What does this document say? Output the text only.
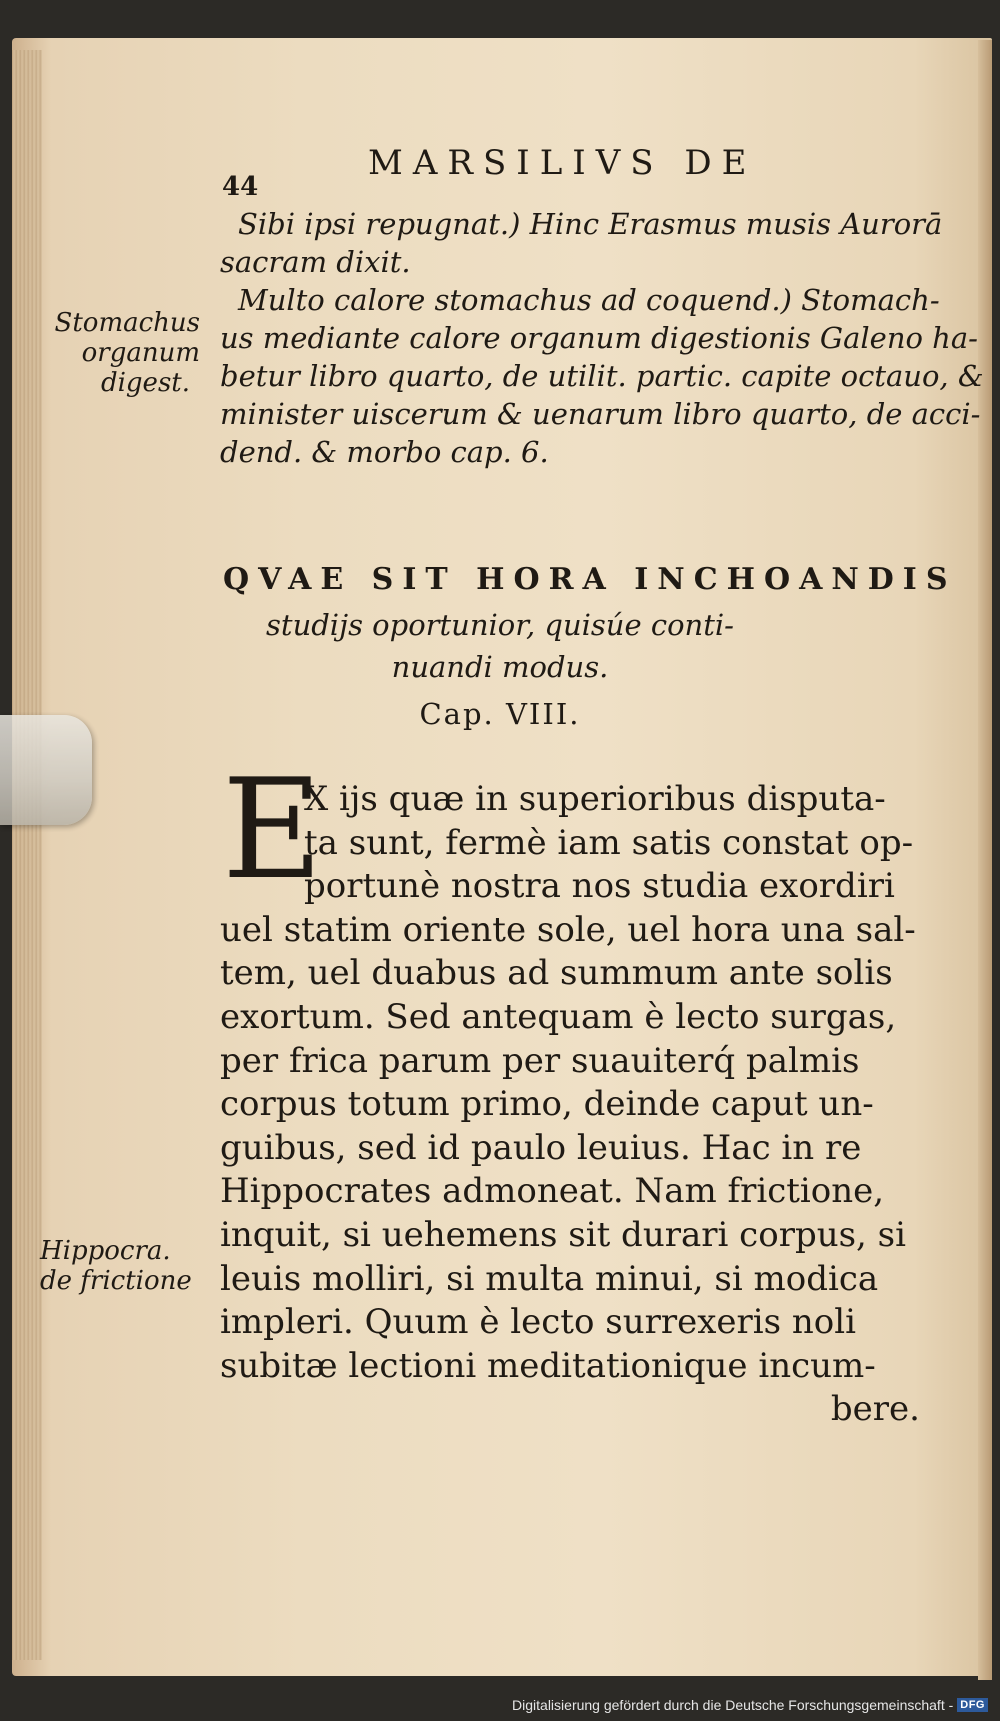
44
MARSILIVS DE
Sibi ipsi repugnat.) Hinc Erasmus musis Aurorā
sacram dixit.
Multo calore stomachus ad coquend.) Stomach-
us mediante calore organum digestionis Galeno ha-
betur libro quarto, de utilit. partic. capite octauo, &
minister uiscerum & uenarum libro quarto, de acci-
dend. & morbo cap. 6.
Stomachus
organum
digest.
QVAE SIT HORA INCHOANDIS
studijs oportunior, quisúe conti-
nuandi modus.
Cap. VIII.
E
X ijs quæ in superioribus disputa-
ta sunt, fermè iam satis constat op-
portunè nostra nos studia exordiri
uel statim oriente sole, uel hora una sal-
tem, uel duabus ad summum ante solis
exortum. Sed antequam è lecto surgas,
per frica parum per suauiterq́ palmis
corpus totum primo, deinde caput un-
guibus, sed id paulo leuius. Hac in re
Hippocrates admoneat. Nam frictione,
inquit, si uehemens sit durari corpus, si
leuis molliri, si multa minui, si modica
impleri. Quum è lecto surrexeris noli
subitæ lectioni meditationique incum-
bere.
Hippocra.
de frictione
Digitalisierung gefördert durch die Deutsche Forschungsgemeinschaft - DFG
